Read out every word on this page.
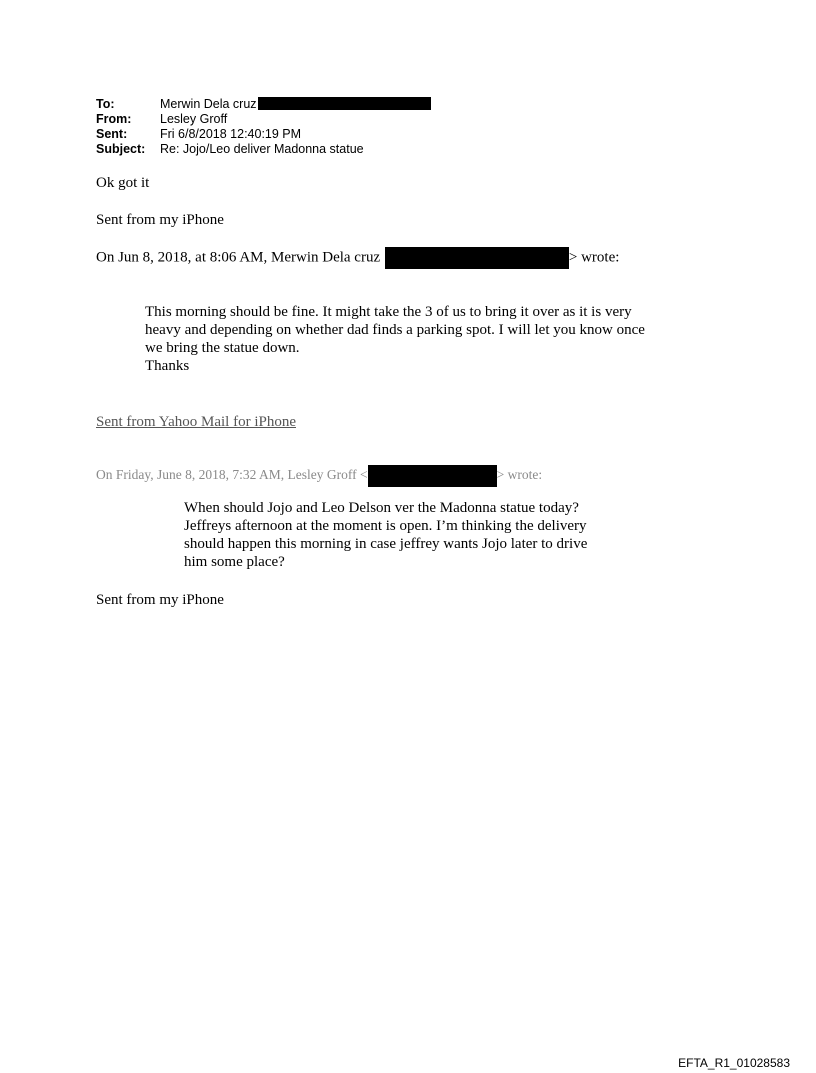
To:	Merwin Dela cruz
From:	Lesley Groff
Sent:	Fri 6/8/2018 12:40:19 PM
Subject:	Re: Jojo/Leo deliver Madonna statue
Ok got it
Sent from my iPhone
On Jun 8, 2018, at 8:06 AM, Merwin Dela cruz	> wrote:
This morning should be fine. It might take the 3 of us to bring it over as it is very
heavy and depending on whether dad finds a parking spot. I will let you know once
we bring the statue down.
Thanks
Sent from Yahoo Mail for iPhone
On Friday, June 8, 2018, 7:32 AM, Lesley Groff <	> wrote:
When should Jojo and Leo Delson ver the Madonna statue today?
Jeffreys afternoon at the moment is open. I’m thinking the delivery
should happen this morning in case jeffrey wants Jojo later to drive
him some place?
Sent from my iPhone
EFTA_R1_01028583
